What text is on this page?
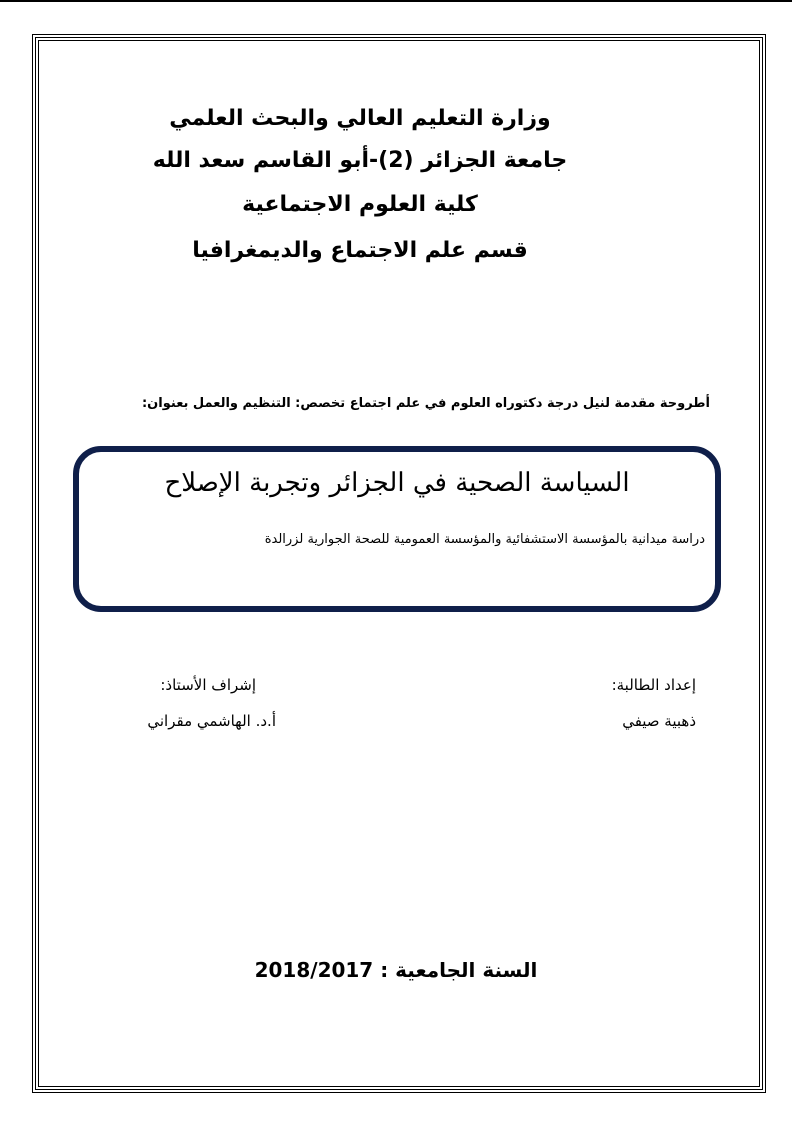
وزارة التعليم العالي والبحث العلمي
جامعة الجزائر (2)-أبو القاسم سعد الله
كلية العلوم الاجتماعية
قسم علم الاجتماع والديمغرافيا
أطروحة مقدمة لنيل درجة دكتوراه العلوم في علم اجتماع تخصص: التنظيم والعمل بعنوان:
السياسة الصحية في الجزائر وتجربة الإصلاح
دراسة ميدانية بالمؤسسة الاستشفائية والمؤسسة العمومية للصحة الجوارية لزرالدة
إعداد الطالبة:
ذهبية صيفي
إشراف الأستاذ:
أ.د. الهاشمي مقراني
السنة الجامعية : 2018/2017
